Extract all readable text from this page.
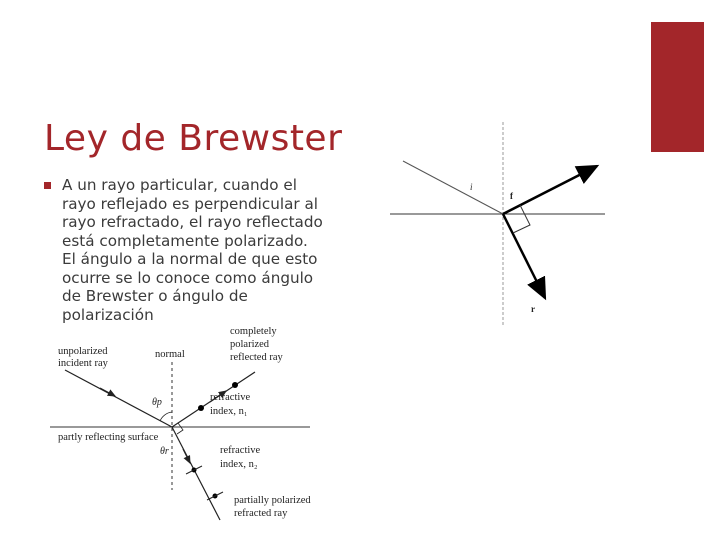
Ley de Brewster
A un rayo particular, cuando el rayo reflejado es perpendicular al rayo refractado, el rayo reflectado está completamente polarizado. El ángulo a la normal de que esto ocurre se lo conoce como ángulo de Brewster o ángulo de polarización
i
f
r
unpolarized incident ray
normal
completely polarized reflected ray
refractive index, n₁
partly reflecting surface
refractive index, n₂
partially polarized refracted ray
θp
θr
